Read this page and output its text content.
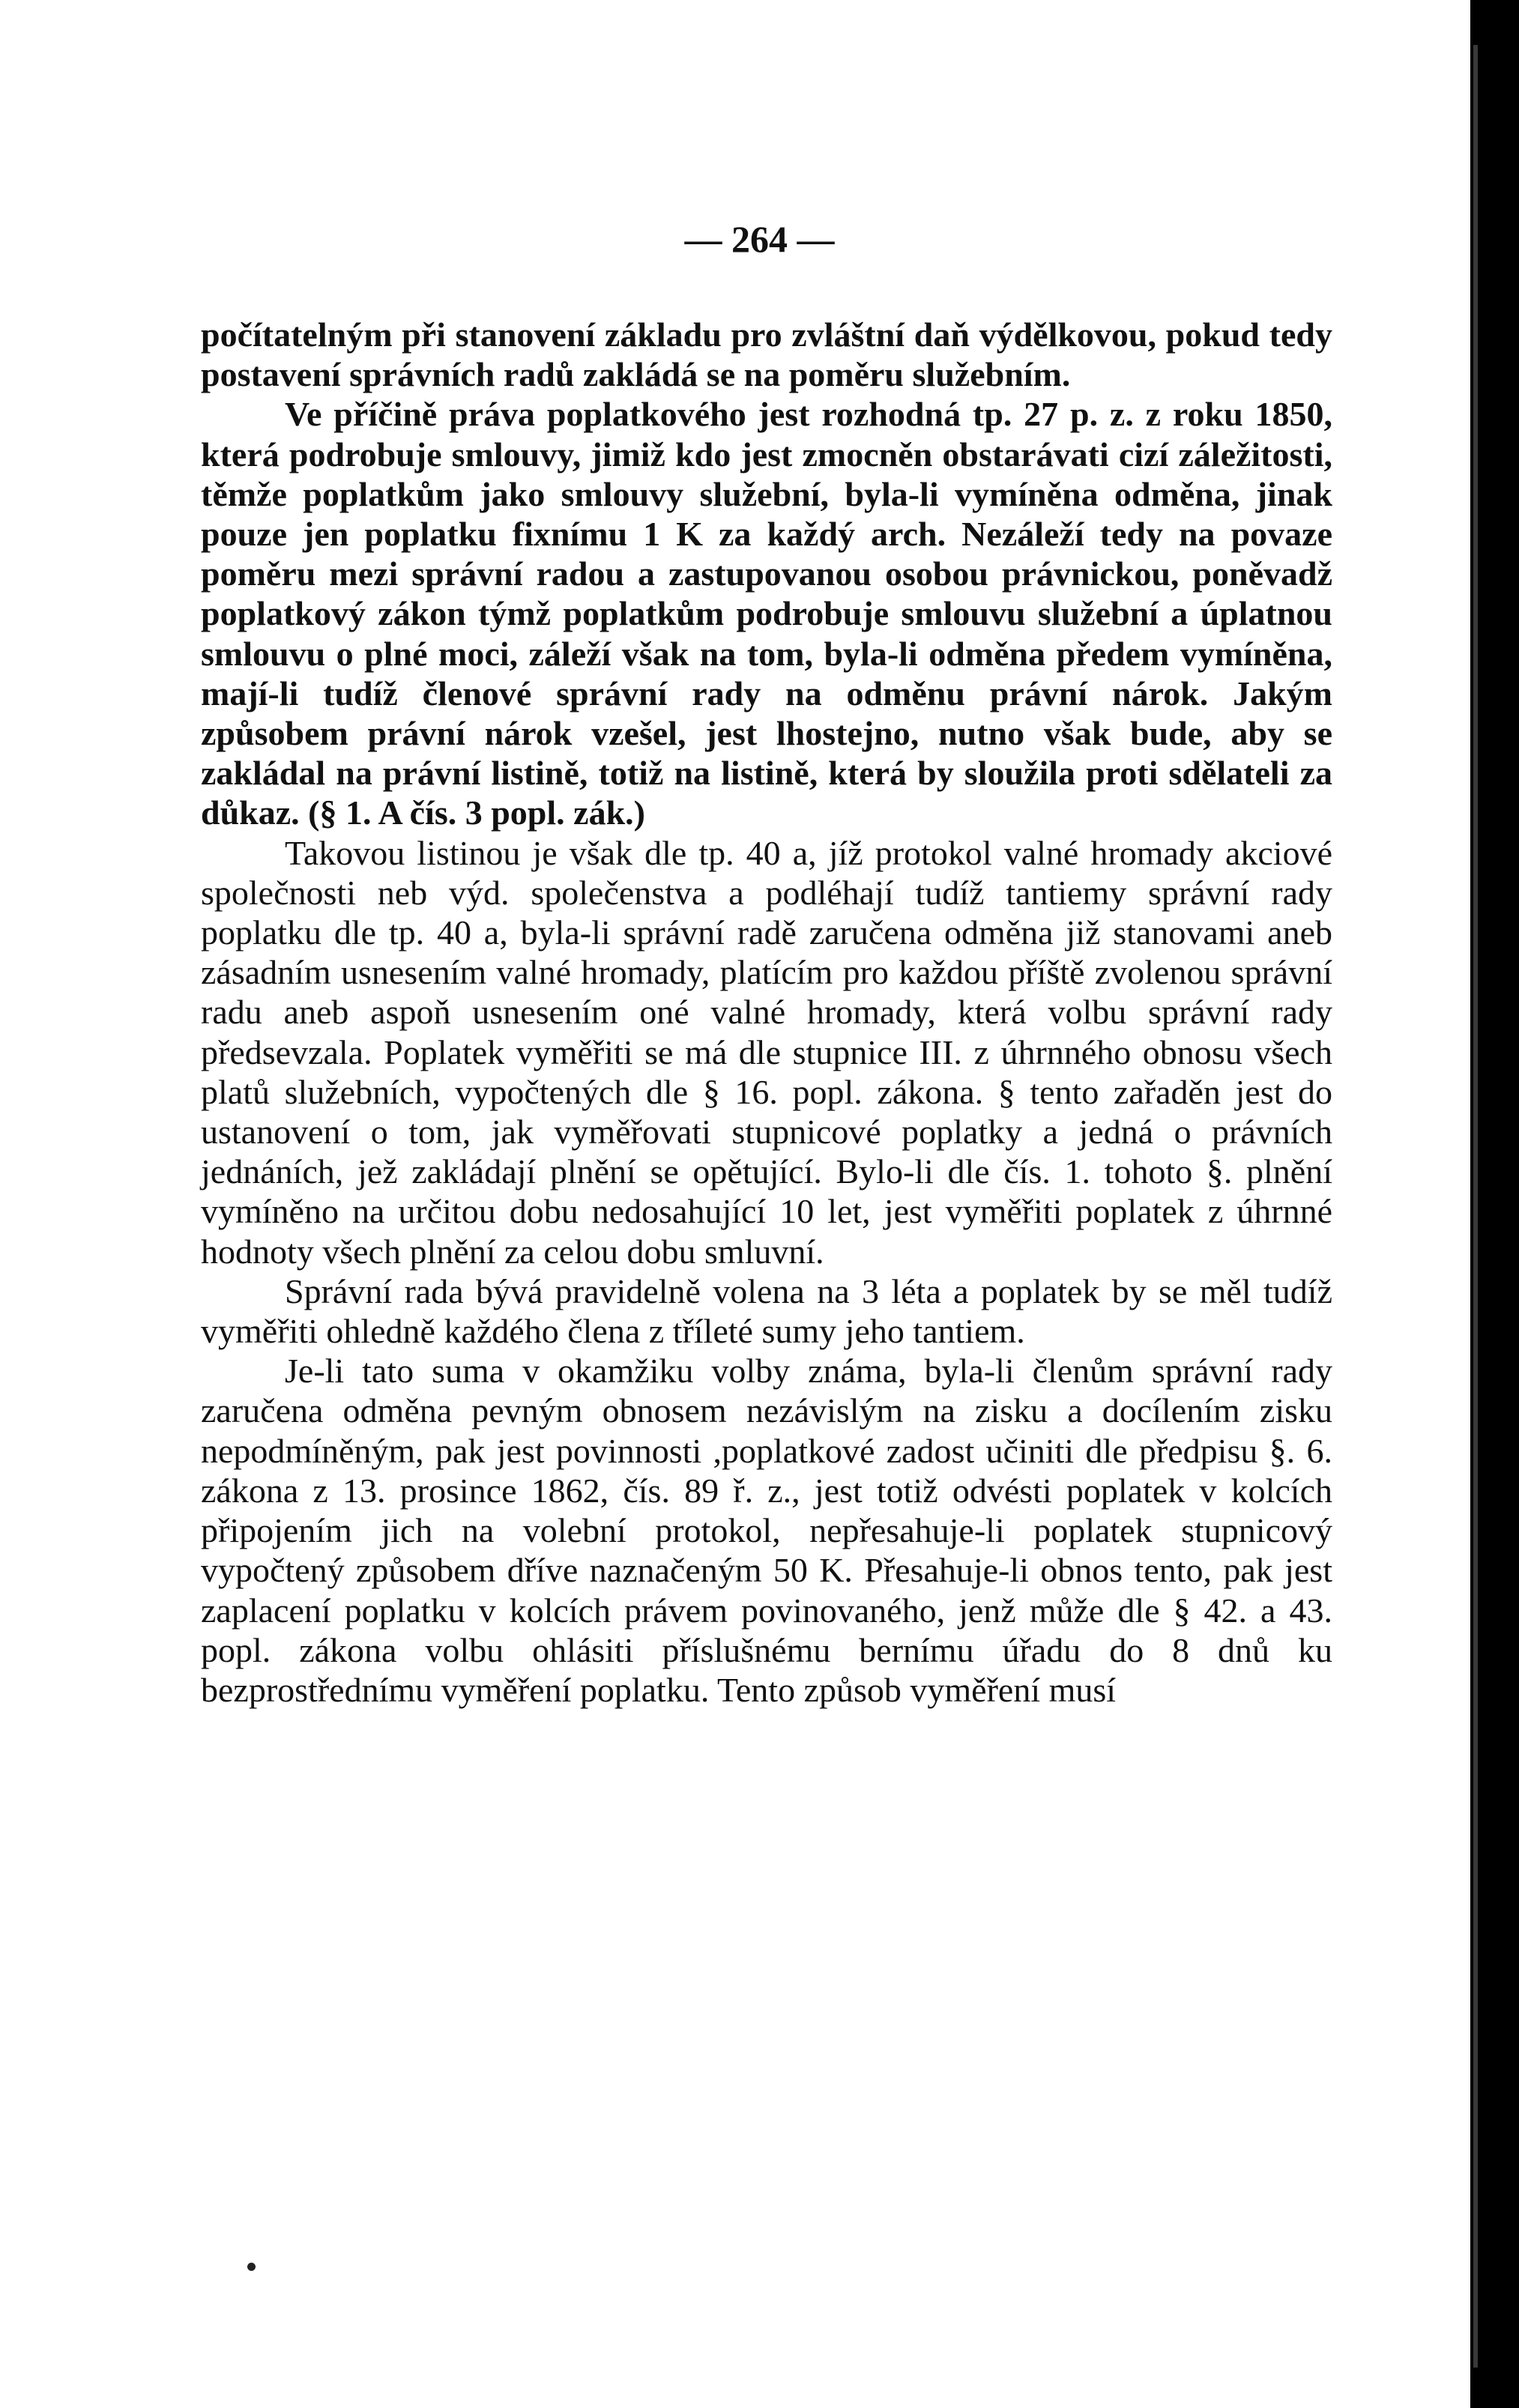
— 264 —

počítatelným při stanovení základu pro zvláštní daň výdělkovou, pokud tedy postavení správních radů zakládá se na poměru služebním.

Ve příčině práva poplatkového jest rozhodná tp. 27 p. z. z roku 1850, která podrobuje smlouvy, jimiž kdo jest zmocněn obstarávati cizí záležitosti, těmže poplatkům jako smlouvy služební, byla-li vymíněna odměna, jinak pouze jen poplatku fixnímu 1 K za každý arch. Nezáleží tedy na povaze poměru mezi správní radou a zastupovanou osobou právnickou, poněvadž poplatkový zákon týmž poplatkům podrobuje smlouvu služební a úplatnou smlouvu o plné moci, záleží však na tom, byla-li odměna předem vymíněna, mají-li tudíž členové správní rady na odměnu právní nárok. Jakým způsobem právní nárok vzešel, jest lhostejno, nutno však bude, aby se zakládal na právní listině, totiž na listině, která by sloužila proti sdělateli za důkaz. (§ 1. A čís. 3 popl. zák.)

Takovou listinou je však dle tp. 40 a, jíž protokol valné hromady akciové společnosti neb výd. společenstva a podléhají tudíž tantiemy správní rady poplatku dle tp. 40 a, byla-li správní radě zaručena odměna již stanovami aneb zásadním usnesením valné hromady, platícím pro každou příště zvolenou správní radu aneb aspoň usnesením oné valné hromady, která volbu správní rady předsevzala. Poplatek vyměřiti se má dle stupnice III. z úhrnného obnosu všech platů služebních, vypočtených dle § 16. popl. zákona. § tento zařaděn jest do ustanovení o tom, jak vyměřovati stupnicové poplatky a jedná o právních jednáních, jež zakládají plnění se opětující. Bylo-li dle čís. 1. tohoto §. plnění vymíněno na určitou dobu nedosahující 10 let, jest vyměřiti poplatek z úhrnné hodnoty všech plnění za celou dobu smluvní.

Správní rada bývá pravidelně volena na 3 léta a poplatek by se měl tudíž vyměřiti ohledně každého člena z tříleté sumy jeho tantiem.

Je-li tato suma v okamžiku volby známa, byla-li členům správní rady zaručena odměna pevným obnosem nezávislým na zisku a docílením zisku nepodmíněným, pak jest povinnosti ,poplatkové zadost učiniti dle předpisu §. 6. zákona z 13. prosince 1862, čís. 89 ř. z., jest totiž odvésti poplatek v kolcích připojením jich na volební protokol, nepřesahuje-li poplatek stupnicový vypočtený způsobem dříve naznačeným 50 K. Přesahuje-li obnos tento, pak jest zaplacení poplatku v kolcích právem povinovaného, jenž může dle § 42. a 43. popl. zákona volbu ohlásiti příslušnému bernímu úřadu do 8 dnů ku bezprostřednímu vyměření poplatku. Tento způsob vyměření musí
